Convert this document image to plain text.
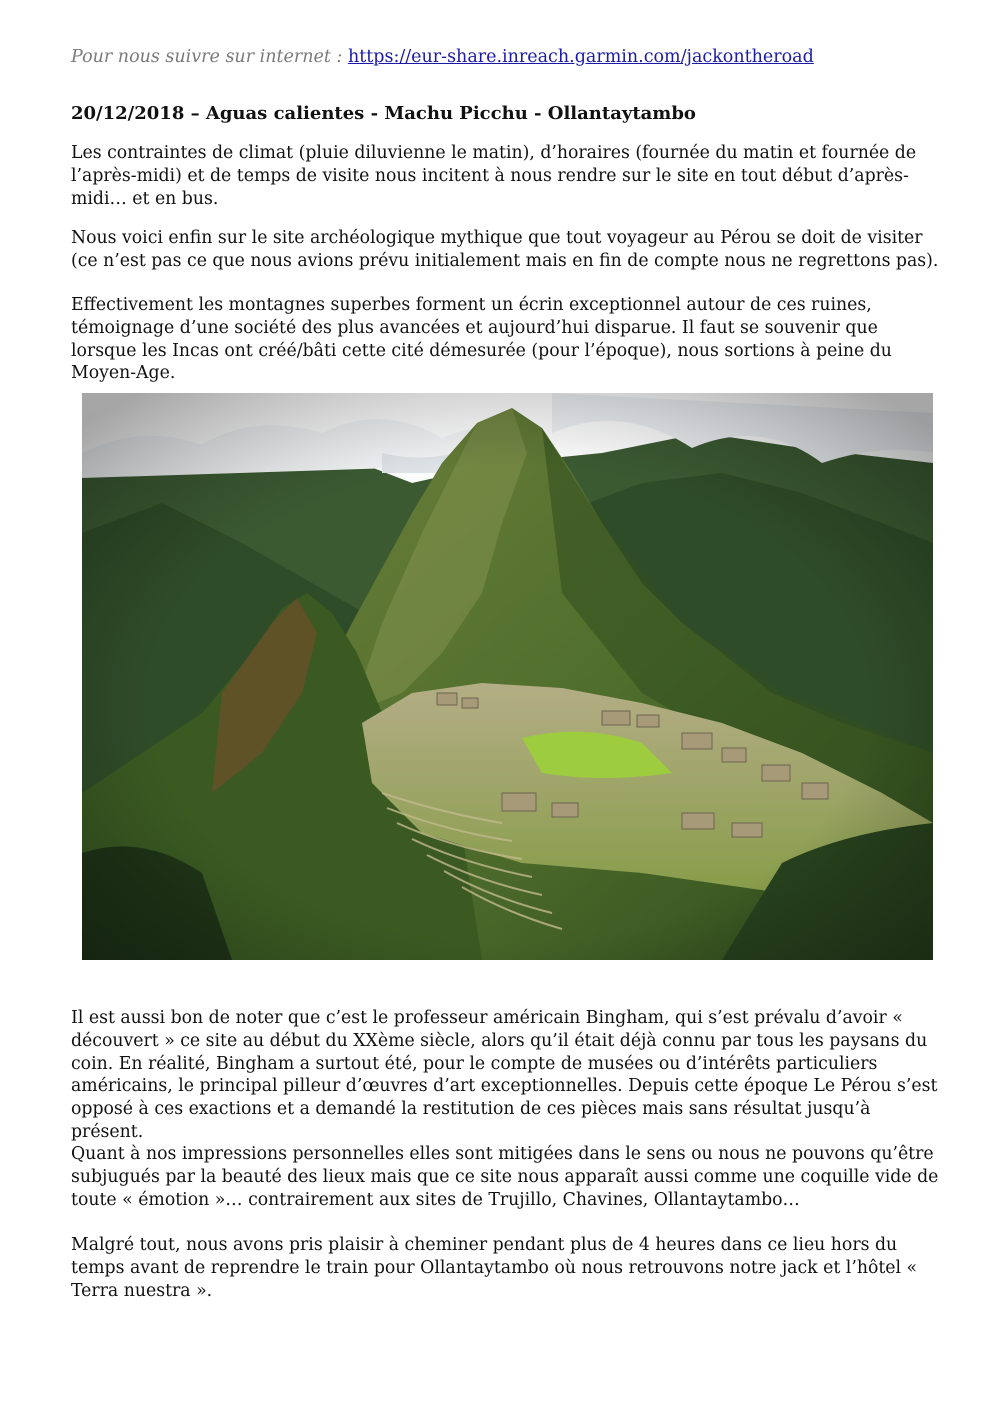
Pour nous suivre sur internet : https://eur-share.inreach.garmin.com/jackontheroad
20/12/2018 – Aguas calientes - Machu Picchu - Ollantaytambo

Les contraintes de climat (pluie diluvienne le matin), d’horaires (fournée du matin et fournée de l’après-midi) et de temps de visite nous incitent à nous rendre sur le site en tout début d’après-midi… et en bus.

Nous voici enfin sur le site archéologique mythique que tout voyageur au Pérou se doit de visiter (ce n’est pas ce que nous avions prévu initialement mais en fin de compte nous ne regrettons pas).

Effectivement les montagnes superbes forment un écrin exceptionnel autour de ces ruines, témoignage d’une société des plus avancées et aujourd’hui disparue. Il faut se souvenir que lorsque les Incas ont créé/bâti cette cité démesurée (pour l’époque), nous sortions à peine du Moyen-Age.

Il est aussi bon de noter que c’est le professeur américain Bingham, qui s’est prévalu d’avoir « découvert » ce site au début du XXème siècle, alors qu’il était déjà connu par tous les paysans du coin. En réalité, Bingham a surtout été, pour le compte de musées ou d’intérêts particuliers américains, le principal pilleur d’œuvres d’art exceptionnelles. Depuis cette époque Le Pérou s’est opposé à ces exactions et a demandé la restitution de ces pièces mais sans résultat jusqu’à présent.

Quant à nos impressions personnelles elles sont mitigées dans le sens ou nous ne pouvons qu’être subjugués par la beauté des lieux mais que ce site nous apparaît aussi comme une coquille vide de toute « émotion »… contrairement aux sites de Trujillo, Chavines, Ollantaytambo…

Malgré tout, nous avons pris plaisir à cheminer pendant plus de 4 heures dans ce lieu hors du temps avant de reprendre le train pour Ollantaytambo où nous retrouvons notre jack et l’hôtel « Terra nuestra ».
